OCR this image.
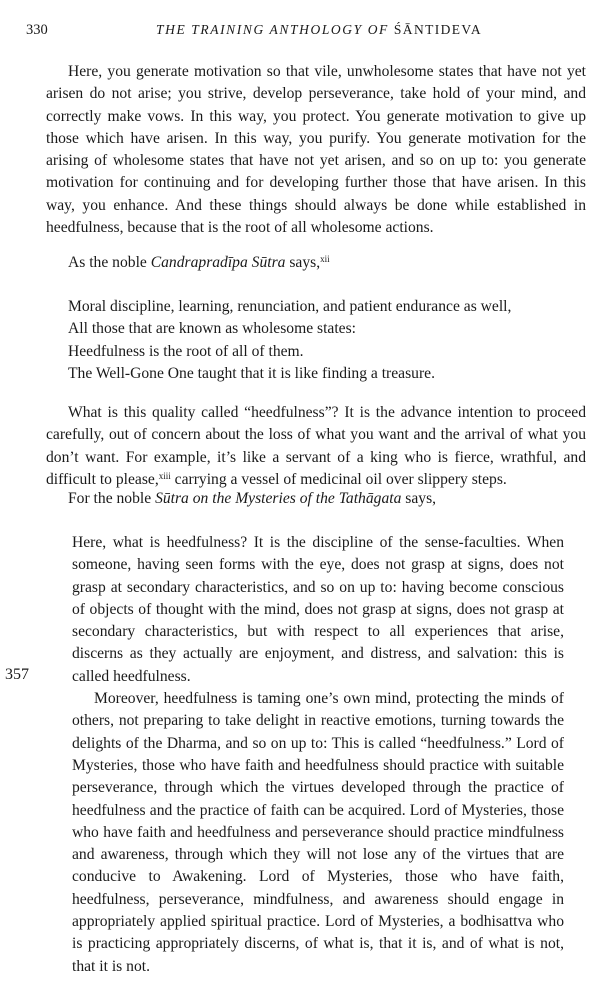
330	THE TRAINING ANTHOLOGY OF ŚĀNTIDEVA

Here, you generate motivation so that vile, unwholesome states that have not yet arisen do not arise; you strive, develop perseverance, take hold of your mind, and correctly make vows. In this way, you protect. You generate motivation to give up those which have arisen. In this way, you purify. You generate motivation for the arising of wholesome states that have not yet arisen, and so on up to: you generate motivation for continuing and for developing further those that have arisen. In this way, you enhance. And these things should always be done while established in heedfulness, because that is the root of all wholesome actions.

As the noble Candrapradīpa Sūtra says,$^{xii}$

Moral discipline, learning, renunciation, and patient endurance as well,
All those that are known as wholesome states:
Heedfulness is the root of all of them.
The Well-Gone One taught that it is like finding a treasure.

What is this quality called “heedfulness”? It is the advance intention to proceed carefully, out of concern about the loss of what you want and the arrival of what you don’t want. For example, it’s like a servant of a king who is fierce, wrathful, and difficult to please,$^{xiii}$ carrying a vessel of medicinal oil over slippery steps.

357
For the noble Sūtra on the Mysteries of the Tathāgata says,

Here, what is heedfulness? It is the discipline of the sense-faculties. When someone, having seen forms with the eye, does not grasp at signs, does not grasp at secondary characteristics, and so on up to: having become conscious of objects of thought with the mind, does not grasp at signs, does not grasp at secondary characteristics, but with respect to all experiences that arise, discerns as they actually are enjoyment, and distress, and salvation: this is called heedfulness.

Moreover, heedfulness is taming one’s own mind, protecting the minds of others, not preparing to take delight in reactive emotions, turning towards the delights of the Dharma, and so on up to: This is called “heedfulness.” Lord of Mysteries, those who have faith and heedfulness should practice with suitable perseverance, through which the virtues developed through the practice of heedfulness and the practice of faith can be acquired. Lord of Mysteries, those who have faith and heedfulness and perseverance should practice mindfulness and awareness, through which they will not lose any of the virtues that are conducive to Awakening. Lord of Mysteries, those who have faith, heedfulness, perseverance, mindfulness, and awareness should engage in appropriately applied spiritual practice. Lord of Mysteries, a bodhisattva who is practicing appropriately discerns, of what is, that it is, and of what is not, that it is not.
